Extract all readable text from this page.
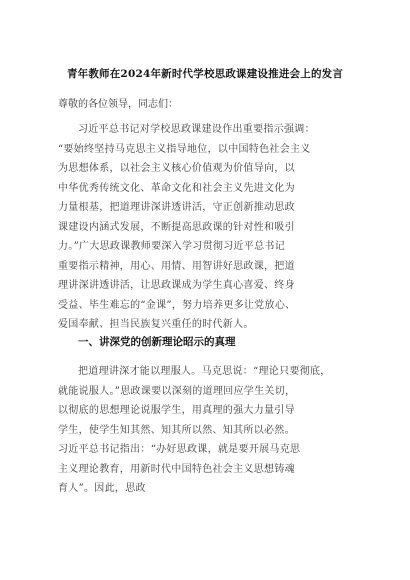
青年教师在2024年新时代学校思政课建设推进会上的发言
尊敬的各位领导，同志们：
习近平总书记对学校思政课建设作出重要指示强调：
“要始终坚持马克思主义指导地位，以中国特色社会主义
为思想体系，以社会主义核心价值观为价值导向，以
中华优秀传统文化、革命文化和社会主义先进文化为
力量根基，把道理讲深讲透讲活，守正创新推动思政
课建设内涵式发展，不断提高思政课的针对性和吸引
力。”广大思政课教师要深入学习贯彻习近平总书记
重要指示精神，用心、用情、用智讲好思政课，把道
理讲深讲透讲活，让思政课成为学生真心喜爱、终身
受益、毕生难忘的“金课”，努力培养更多让党放心、
爱国奉献、担当民族复兴重任的时代新人。
一、讲深党的创新理论昭示的真理
把道理讲深才能以理服人。马克思说：“理论只要彻底，
就能说服人。”思政课要以深刻的道理回应学生关切，
以彻底的思想理论说服学生，用真理的强大力量引导
学生，使学生知其然、知其所以然、知其所以必然。
习近平总书记指出：“办好思政课，就是要开展马克思
主义理论教育，用新时代中国特色社会主义思想铸魂
育人”。因此，思政
